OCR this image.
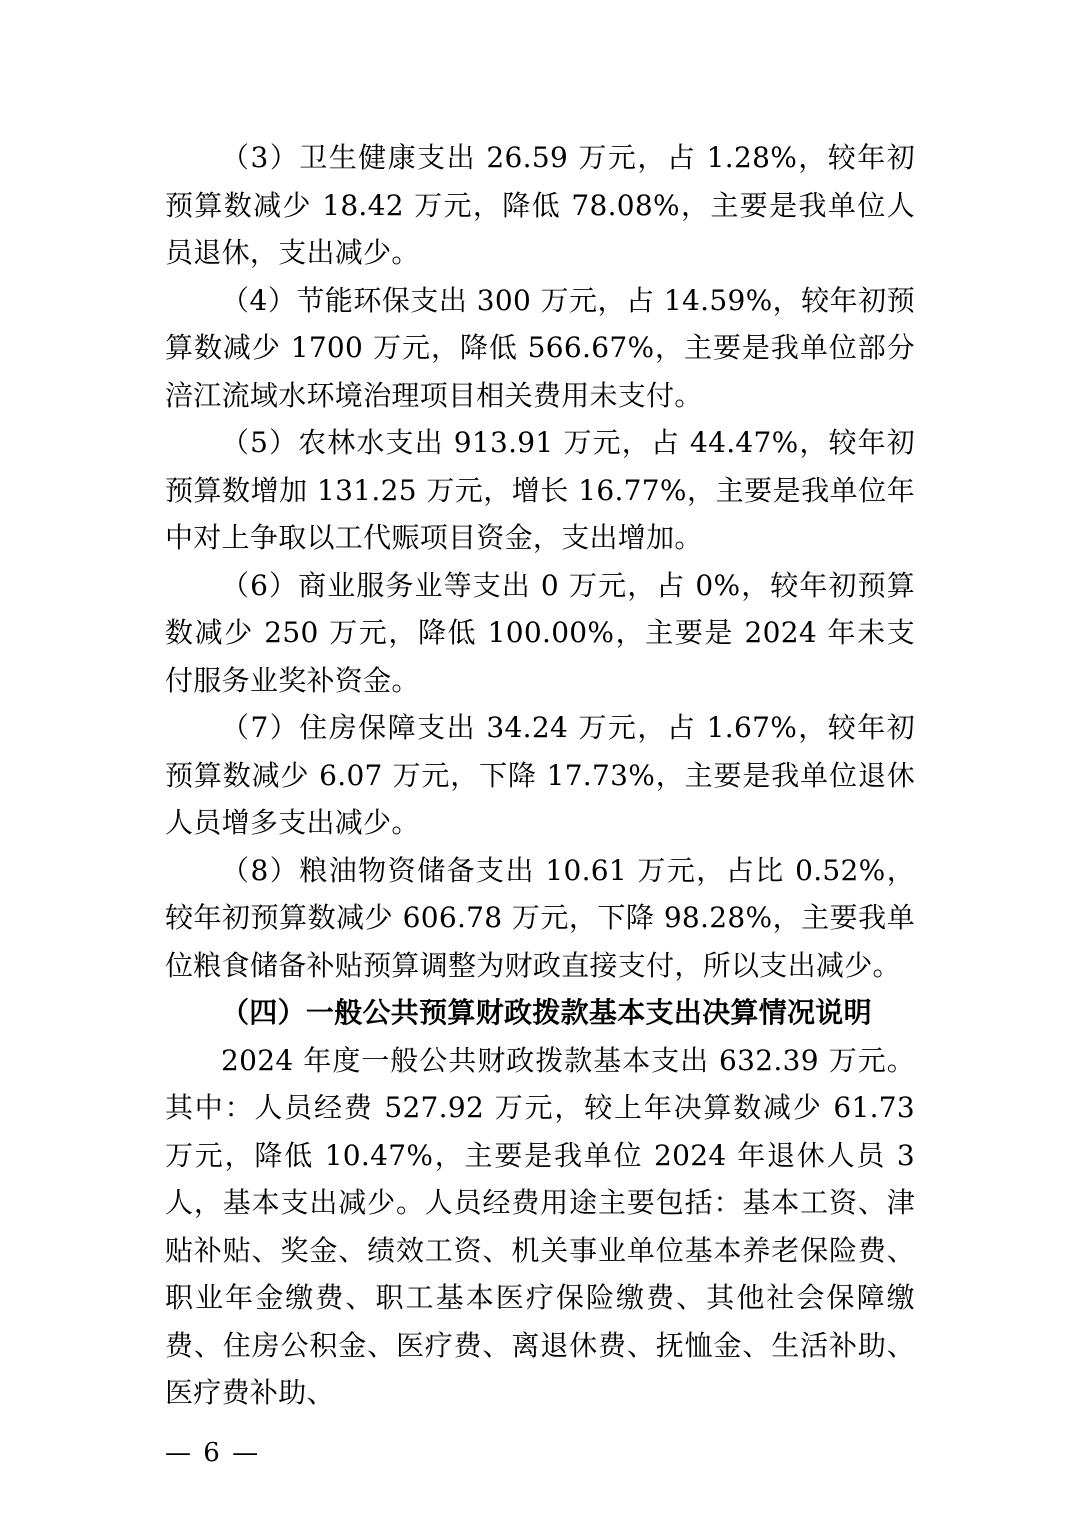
（3）卫生健康支出 26.59 万元，占 1.28%，较年初预算数减少 18.42 万元，降低 78.08%，主要是我单位人员退休，支出减少。

（4）节能环保支出 300 万元，占 14.59%，较年初预算数减少 1700 万元，降低 566.67%，主要是我单位部分涪江流域水环境治理项目相关费用未支付。

（5）农林水支出 913.91 万元，占 44.47%，较年初预算数增加 131.25 万元，增长 16.77%，主要是我单位年中对上争取以工代赈项目资金，支出增加。

（6）商业服务业等支出 0 万元，占 0%，较年初预算数减少 250 万元，降低 100.00%，主要是 2024 年未支付服务业奖补资金。

（7）住房保障支出 34.24 万元，占 1.67%，较年初预算数减少 6.07 万元，下降 17.73%，主要是我单位退休人员增多支出减少。

（8）粮油物资储备支出 10.61 万元，占比 0.52%，较年初预算数减少 606.78 万元，下降 98.28%，主要我单位粮食储备补贴预算调整为财政直接支付，所以支出减少。

（四）一般公共预算财政拨款基本支出决算情况说明

2024 年度一般公共财政拨款基本支出 632.39 万元。其中：人员经费 527.92 万元，较上年决算数减少 61.73 万元，降低 10.47%，主要是我单位 2024 年退休人员 3 人，基本支出减少。人员经费用途主要包括：基本工资、津贴补贴、奖金、绩效工资、机关事业单位基本养老保险费、职业年金缴费、职工基本医疗保险缴费、其他社会保障缴费、住房公积金、医疗费、离退休费、抚恤金、生活补助、医疗费补助、

— 6 —
